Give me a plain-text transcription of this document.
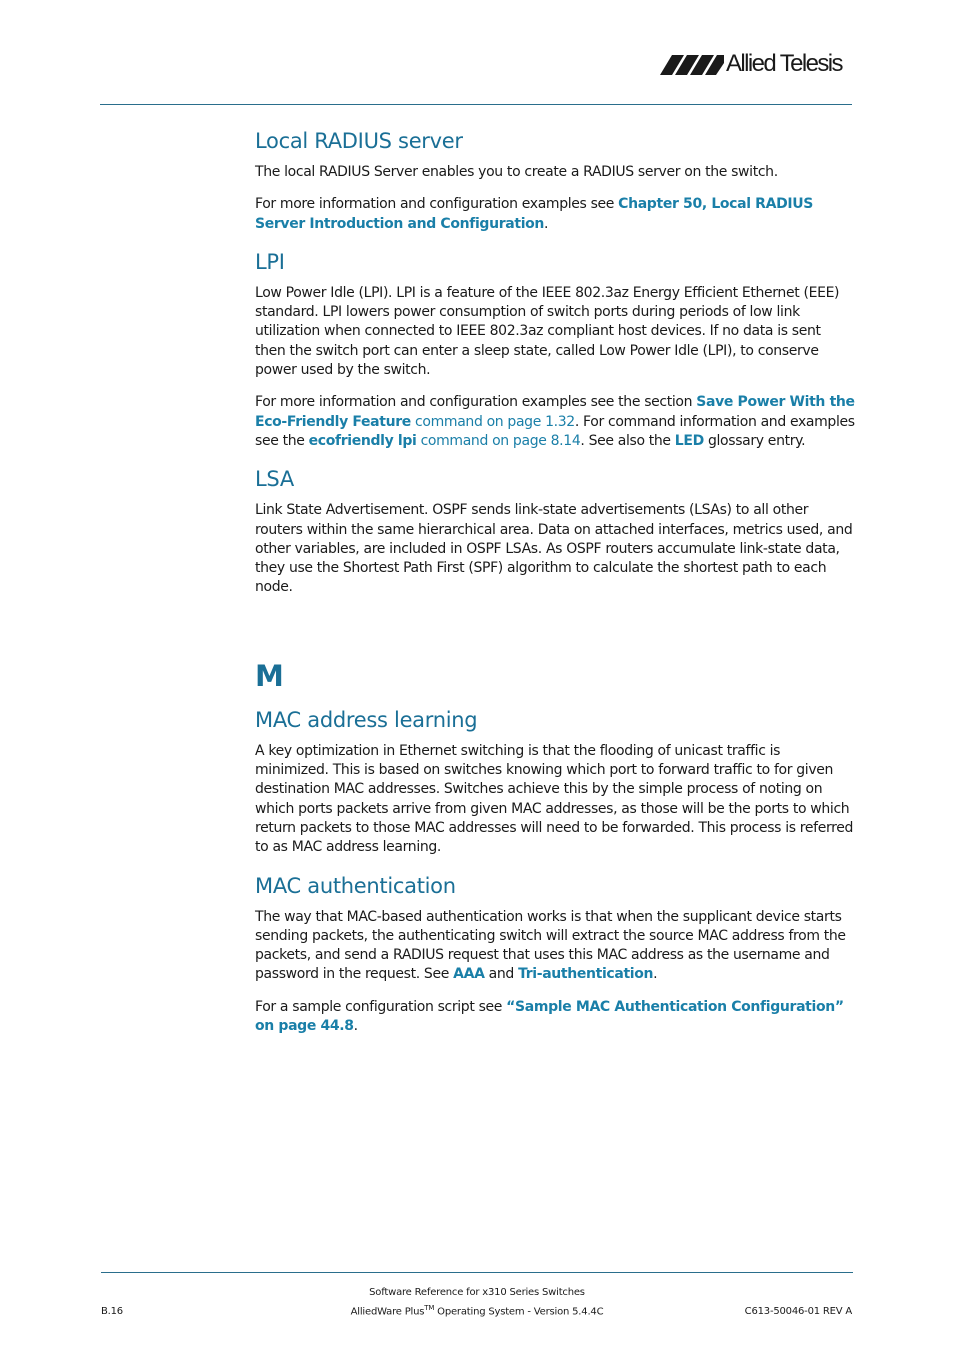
Allied Telesis
Local RADIUS server

The local RADIUS Server enables you to create a RADIUS server on the switch.

For more information and configuration examples see Chapter 50, Local RADIUS Server Introduction and Configuration.

LPI

Low Power Idle (LPI). LPI is a feature of the IEEE 802.3az Energy Efficient Ethernet (EEE) standard. LPI lowers power consumption of switch ports during periods of low link utilization when connected to IEEE 802.3az compliant host devices. If no data is sent then the switch port can enter a sleep state, called Low Power Idle (LPI), to conserve power used by the switch.

For more information and configuration examples see the section Save Power With the Eco-Friendly Feature command on page 1.32. For command information and examples see the ecofriendly lpi command on page 8.14. See also the LED glossary entry.

LSA

Link State Advertisement. OSPF sends link-state advertisements (LSAs) to all other routers within the same hierarchical area. Data on attached interfaces, metrics used, and other variables, are included in OSPF LSAs. As OSPF routers accumulate link-state data, they use the Shortest Path First (SPF) algorithm to calculate the shortest path to each node.

M
MAC address learning

A key optimization in Ethernet switching is that the flooding of unicast traffic is minimized. This is based on switches knowing which port to forward traffic to for given destination MAC addresses. Switches achieve this by the simple process of noting on which ports packets arrive from given MAC addresses, as those will be the ports to which return packets to those MAC addresses will need to be forwarded. This process is referred to as MAC address learning.

MAC authentication

The way that MAC-based authentication works is that when the supplicant device starts sending packets, the authenticating switch will extract the source MAC address from the packets, and send a RADIUS request that uses this MAC address as the username and password in the request. See AAA and Tri-authentication.

For a sample configuration script see “Sample MAC Authentication Configuration” on page 44.8.

Software Reference for x310 Series Switches
AlliedWare Plus™ Operating System - Version 5.4.4C
B.16	C613-50046-01 REV A
